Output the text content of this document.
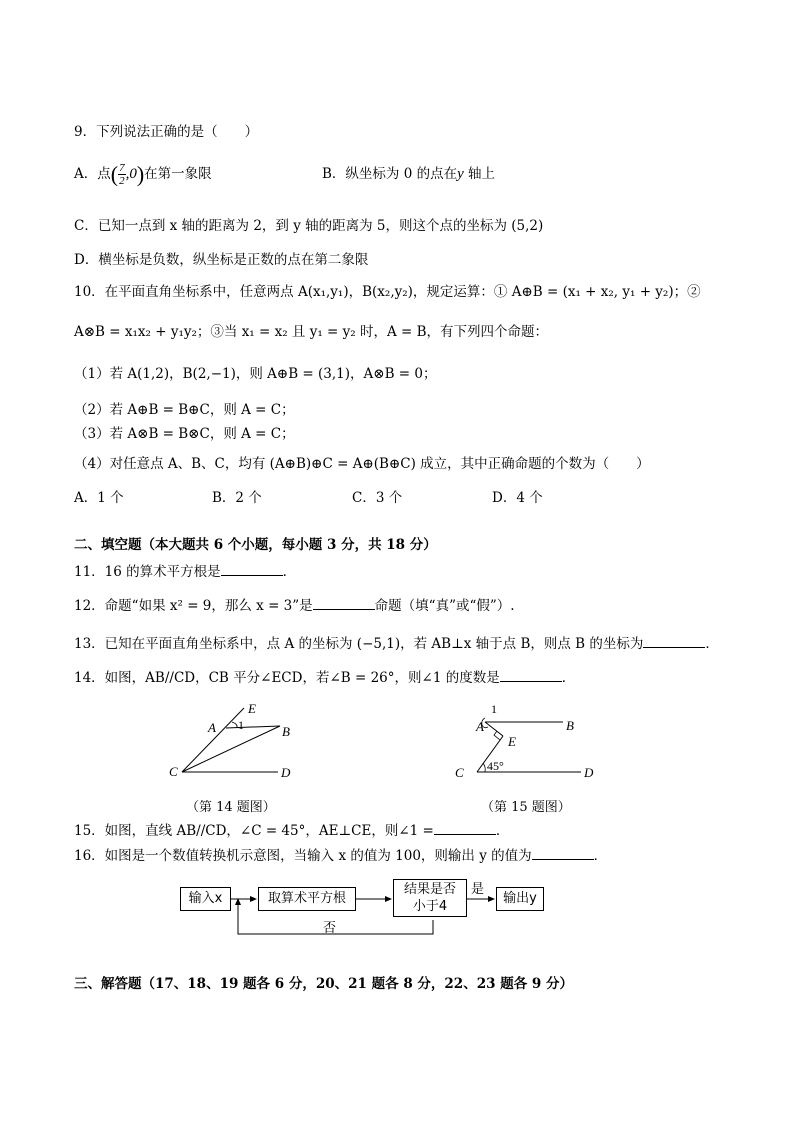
9．下列说法正确的是（　　）
A．点( $\frac{7}{2} ,0$)在第一象限	B．纵坐标为 0 的点在y 轴上
C．已知一点到 x 轴的距离为 2，到 y 轴的距离为 5，则这个点的坐标为 (5,2)
D．横坐标是负数，纵坐标是正数的点在第二象限
10．在平面直角坐标系中，任意两点 A(x₁,y₁)，B(x₂,y₂)，规定运算：① A⊕B = (x₁ + x₂, y₁ + y₂)；②
A⊗B = x₁x₂ + y₁y₂；③当 x₁ = x₂ 且 y₁ = y₂ 时，A = B，有下列四个命题：
（1）若 A(1,2)，B(2,−1)，则 A⊕B = (3,1)，A⊗B = 0；
（2）若 A⊕B = B⊕C，则 A = C；
（3）若 A⊗B = B⊗C，则 A = C；
（4）对任意点 A、B、C，均有 (A⊕B)⊕C = A⊕(B⊕C) 成立，其中正确命题的个数为（　　）
A．1 个	B．2 个	C．3 个	D．4 个
二、填空题（本大题共 6 个小题，每小题 3 分，共 18 分）
11．16 的算术平方根是	．
12．命题“如果 x² = 9，那么 x = 3”是	命题（填“真”或“假”）.
13．已知在平面直角坐标系中，点 A 的坐标为 (−5,1)，若 AB⊥x 轴于点 B，则点 B 的坐标为	．
14．如图，AB//CD，CB 平分∠ECD，若∠B = 26°，则∠1 的度数是	．
E
1
A	B
C	D
（第 14 题图）
1
A	B
E
C 45°	D
（第 15 题图）
15．如图，直线 AB//CD，∠C = 45°，AE⊥CE，则∠1 =	．
16．如图是一个数值转换机示意图，当输入 x 的值为 100，则输出 y 的值为	．
输入x	取算术平方根
结果是否
小于4
输出y
是
否
三、解答题（17、18、19 题各 6 分，20、21 题各 8 分，22、23 题各 9 分）
